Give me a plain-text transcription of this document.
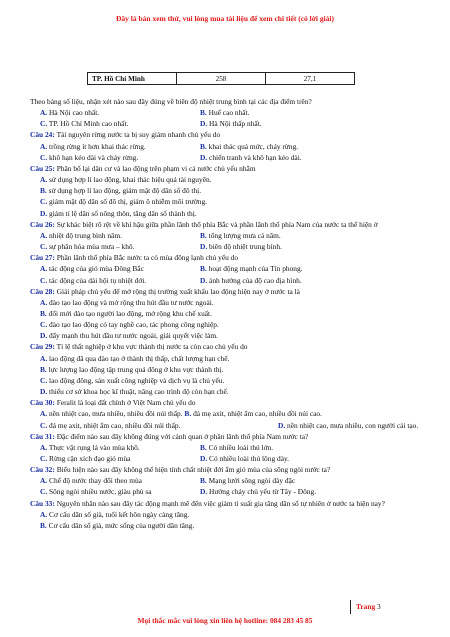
Đây là bản xem thử, vui lòng mua tài liệu để xem chi tiết (có lời giải)
TP. Hồ Chí Minh	258	27,1
Theo bảng số liệu, nhận xét nào sau đây đúng về biên độ nhiệt trung bình tại các địa điểm trên?
A. Hà Nội cao nhất.	B. Huế cao nhất.
C. TP. Hồ Chí Minh cao nhất.	D. Hà Nội thấp nhất.
Câu 24: Tài nguyên rừng nước ta bị suy giảm nhanh chủ yếu do
A. trồng rừng ít hơn khai thác rừng.	B. khai thác quá mức, cháy rừng.
C. khô hạn kéo dài và cháy rừng.	D. chiến tranh và khô hạn kéo dài.
Câu 25: Phân bố lại dân cư và lao động trên phạm vi cả nước chủ yếu nhằm
A. sử dụng hợp lí lao động, khai thác hiệu quả tài nguyên.
B. sử dụng hợp lí lao động, giảm mật độ dân số đô thị.
C. giảm mật độ dân số đô thị, giảm ô nhiễm môi trường.
D. giảm tỉ lệ dân số nông thôn, tăng dân số thành thị.
Câu 26: Sự khác biệt rõ rệt về khí hậu giữa phần lãnh thổ phía Bắc và phần lãnh thổ phía Nam của nước ta thể hiện ở
A. nhiệt độ trung bình năm.	B. tổng lượng mưa cả năm.
C. sự phân hóa mùa mưa – khô.	D. biên độ nhiệt trung bình.
Câu 27: Phần lãnh thổ phía Bắc nước ta có mùa đông lạnh chủ yếu do
A. tác động của gió mùa Đông Bắc	B. hoạt động mạnh của Tín phong.
C. tác động của dải hội tụ nhiệt đới.	D. ảnh hưởng của độ cao địa hình.
Câu 28: Giải pháp chủ yếu để mở rộng thị trường xuất khẩu lao động hiện nay ở nước ta là
A. đào tạo lao động và mở rộng thu hút đầu tư nước ngoài.
B. đổi mới đào tạo người lao động, mở rộng khu chế xuất.
C. đào tạo lao động có tay nghề cao, tác phong công nghiệp.
D. đẩy mạnh thu hút đầu tư nước ngoài, giải quyết việc làm.
Câu 29: Tỉ lệ thất nghiệp ở khu vực thành thị nước ta còn cao chủ yếu do
A. lao động đã qua đào tạo ở thành thị thấp, chất lượng hạn chế.
B. lực lượng lao động tập trung quá đông ở khu vực thành thị.
C. lao động đông, sản xuất công nghiệp và dịch vụ là chủ yếu.
D. thiếu cơ sở khoa học kĩ thuật, nâng cao trình độ còn hạn chế.
Câu 30: Feralit là loại đất chính ở Việt Nam chủ yếu do
A. nền nhiệt cao, mưa nhiều, nhiều đồi núi thấp. B. đá mẹ axit, nhiệt ẩm cao, nhiều đồi núi cao.
C. đá mẹ axit, nhiệt ẩm cao, nhiều đồi núi thấp.	D. nền nhiệt cao, mưa nhiều, con người cải tạo.
Câu 31: Đặc điểm nào sau đây không đúng với cảnh quan ở phần lãnh thổ phía Nam nước ta?
A. Thực vật rụng lá vào mùa khô.	B. Có nhiều loài thú lớn.
C. Rừng cận xích đạo gió mùa	D. Có nhiều loài thú lông dày.
Câu 32: Biểu hiện nào sau đây không thể hiện tính chất nhiệt đới ẩm gió mùa của sông ngòi nước ta?
A. Chế độ nước thay đổi theo mùa	B. Mạng lưới sông ngòi dày đặc
C. Sông ngòi nhiều nước, giàu phù sa	D. Hướng chảy chủ yếu từ Tây - Đông.
Câu 33: Nguyên nhân nào sau đây tác động mạnh mẽ đến việc giảm tỉ suất gia tăng dân số tự nhiên ở nước ta hiện nay?
A. Cơ cấu dân số già, tuổi kết hôn ngày càng tăng.
B. Cơ cấu dân số già, mức sống của người dân tăng.
Trang 3
Mọi thắc mắc vui lòng xin liên hệ hotline: 084 283 45 85
